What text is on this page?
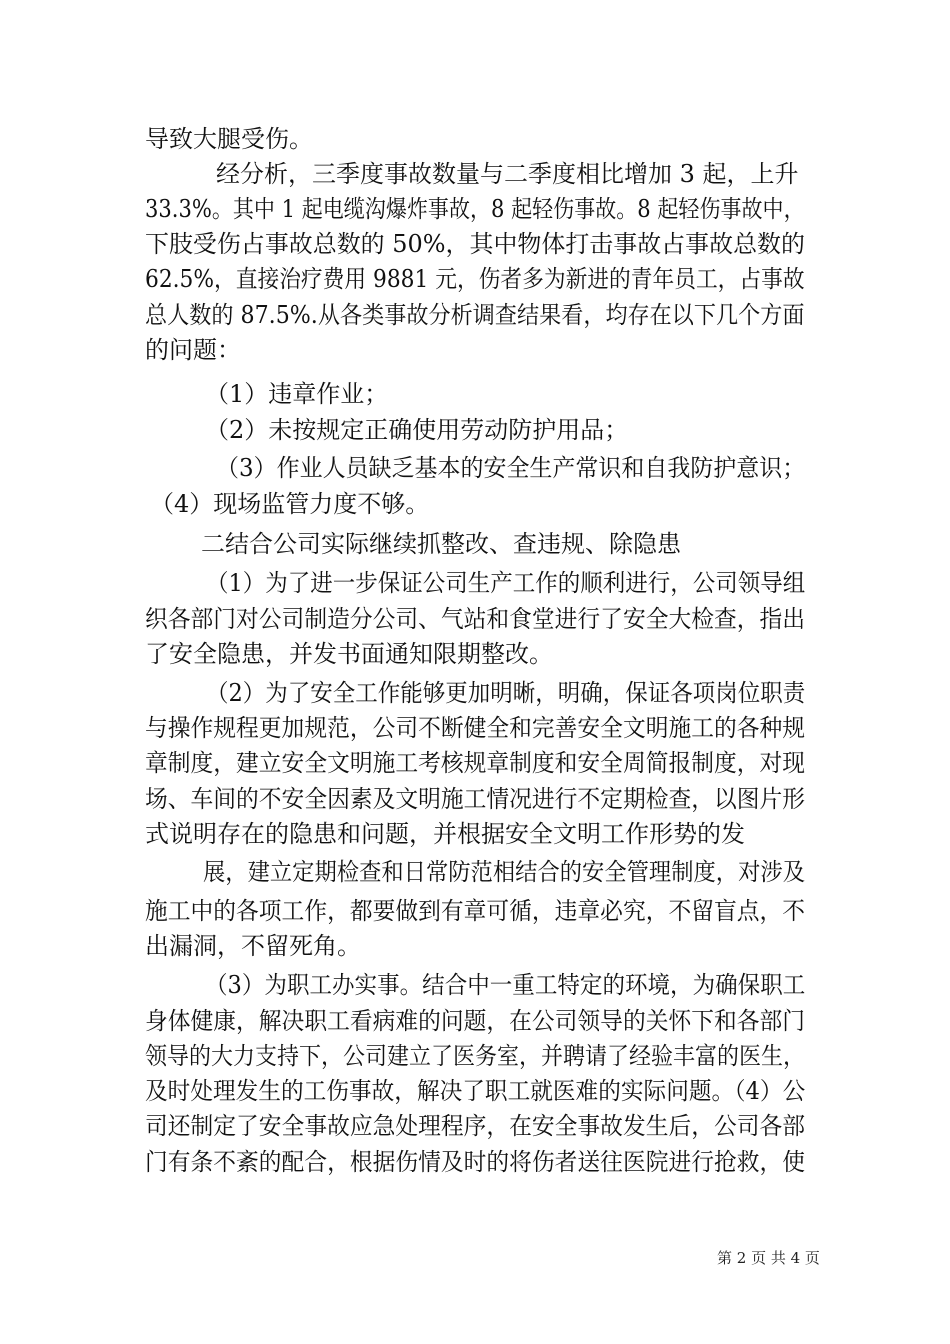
导致大腿受伤。
经分析，三季度事故数量与二季度相比增加 3 起，上升
33.3%。其中 1 起电缆沟爆炸事故，8 起轻伤事故。8 起轻伤事故中，
下肢受伤占事故总数的 50%，其中物体打击事故占事故总数的
62.5%，直接治疗费用 9881 元，伤者多为新进的青年员工，占事故
总人数的 87.5%.从各类事故分析调查结果看，均存在以下几个方面
的问题：
（1）违章作业；
（2）未按规定正确使用劳动防护用品；
（3）作业人员缺乏基本的安全生产常识和自我防护意识；
（4）现场监管力度不够。
二结合公司实际继续抓整改、查违规、除隐患
（1）为了进一步保证公司生产工作的顺利进行，公司领导组
织各部门对公司制造分公司、气站和食堂进行了安全大检查，指出
了安全隐患，并发书面通知限期整改。
（2）为了安全工作能够更加明晰，明确，保证各项岗位职责
与操作规程更加规范，公司不断健全和完善安全文明施工的各种规
章制度，建立安全文明施工考核规章制度和安全周简报制度，对现
场、车间的不安全因素及文明施工情况进行不定期检查，以图片形
式说明存在的隐患和问题，并根据安全文明工作形势的发
展，建立定期检查和日常防范相结合的安全管理制度，对涉及
施工中的各项工作，都要做到有章可循，违章必究，不留盲点，不
出漏洞，不留死角。
（3）为职工办实事。结合中一重工特定的环境，为确保职工
身体健康，解决职工看病难的问题，在公司领导的关怀下和各部门
领导的大力支持下，公司建立了医务室，并聘请了经验丰富的医生，
及时处理发生的工伤事故，解决了职工就医难的实际问题。（4）公
司还制定了安全事故应急处理程序，在安全事故发生后，公司各部
门有条不紊的配合，根据伤情及时的将伤者送往医院进行抢救，使
第 2 页 共 4 页
